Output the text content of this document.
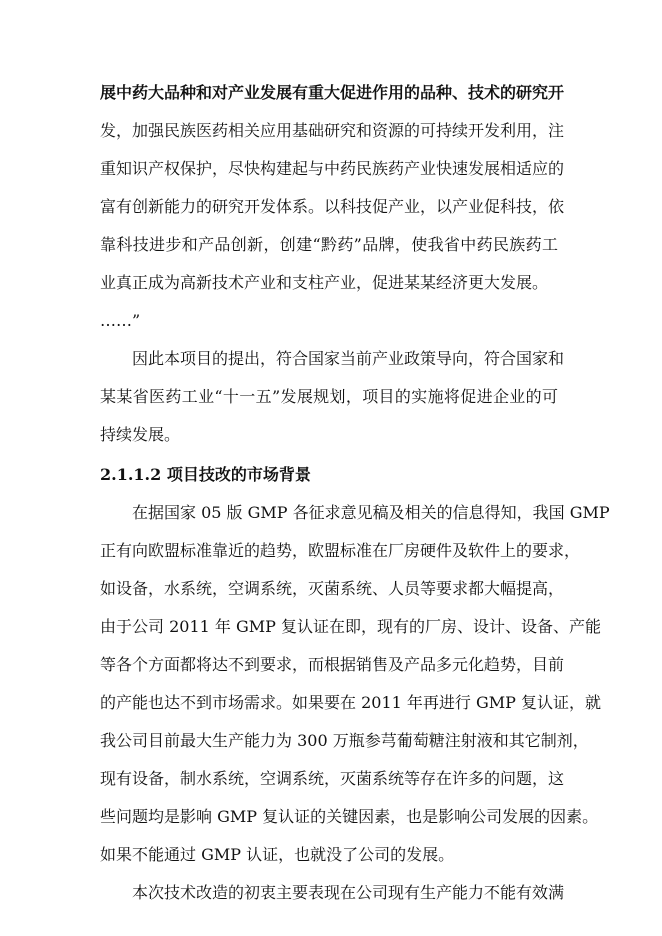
展中药大品种和对产业发展有重大促进作用的品种、技术的研究开
发，加强民族医药相关应用基础研究和资源的可持续开发利用，注
重知识产权保护，尽快构建起与中药民族药产业快速发展相适应的
富有创新能力的研究开发体系。以科技促产业，以产业促科技，依
靠科技进步和产品创新，创建“黔药”品牌，使我省中药民族药工
业真正成为高新技术产业和支柱产业，促进某某经济更大发展。
……”
因此本项目的提出，符合国家当前产业政策导向，符合国家和
某某省医药工业“十一五”发展规划，项目的实施将促进企业的可
持续发展。
2.1.1.2 项目技改的市场背景
在据国家 05 版 GMP 各征求意见稿及相关的信息得知，我国 GMP
正有向欧盟标准靠近的趋势，欧盟标准在厂房硬件及软件上的要求，
如设备，水系统，空调系统，灭菌系统、人员等要求都大幅提高，
由于公司 2011 年 GMP 复认证在即，现有的厂房、设计、设备、产能
等各个方面都将达不到要求，而根据销售及产品多元化趋势，目前
的产能也达不到市场需求。如果要在 2011 年再进行 GMP 复认证，就
我公司目前最大生产能力为 300 万瓶参芎葡萄糖注射液和其它制剂，
现有设备，制水系统，空调系统，灭菌系统等存在许多的问题，这
些问题均是影响 GMP 复认证的关键因素，也是影响公司发展的因素。
如果不能通过 GMP 认证，也就没了公司的发展。
本次技术改造的初衷主要表现在公司现有生产能力不能有效满
